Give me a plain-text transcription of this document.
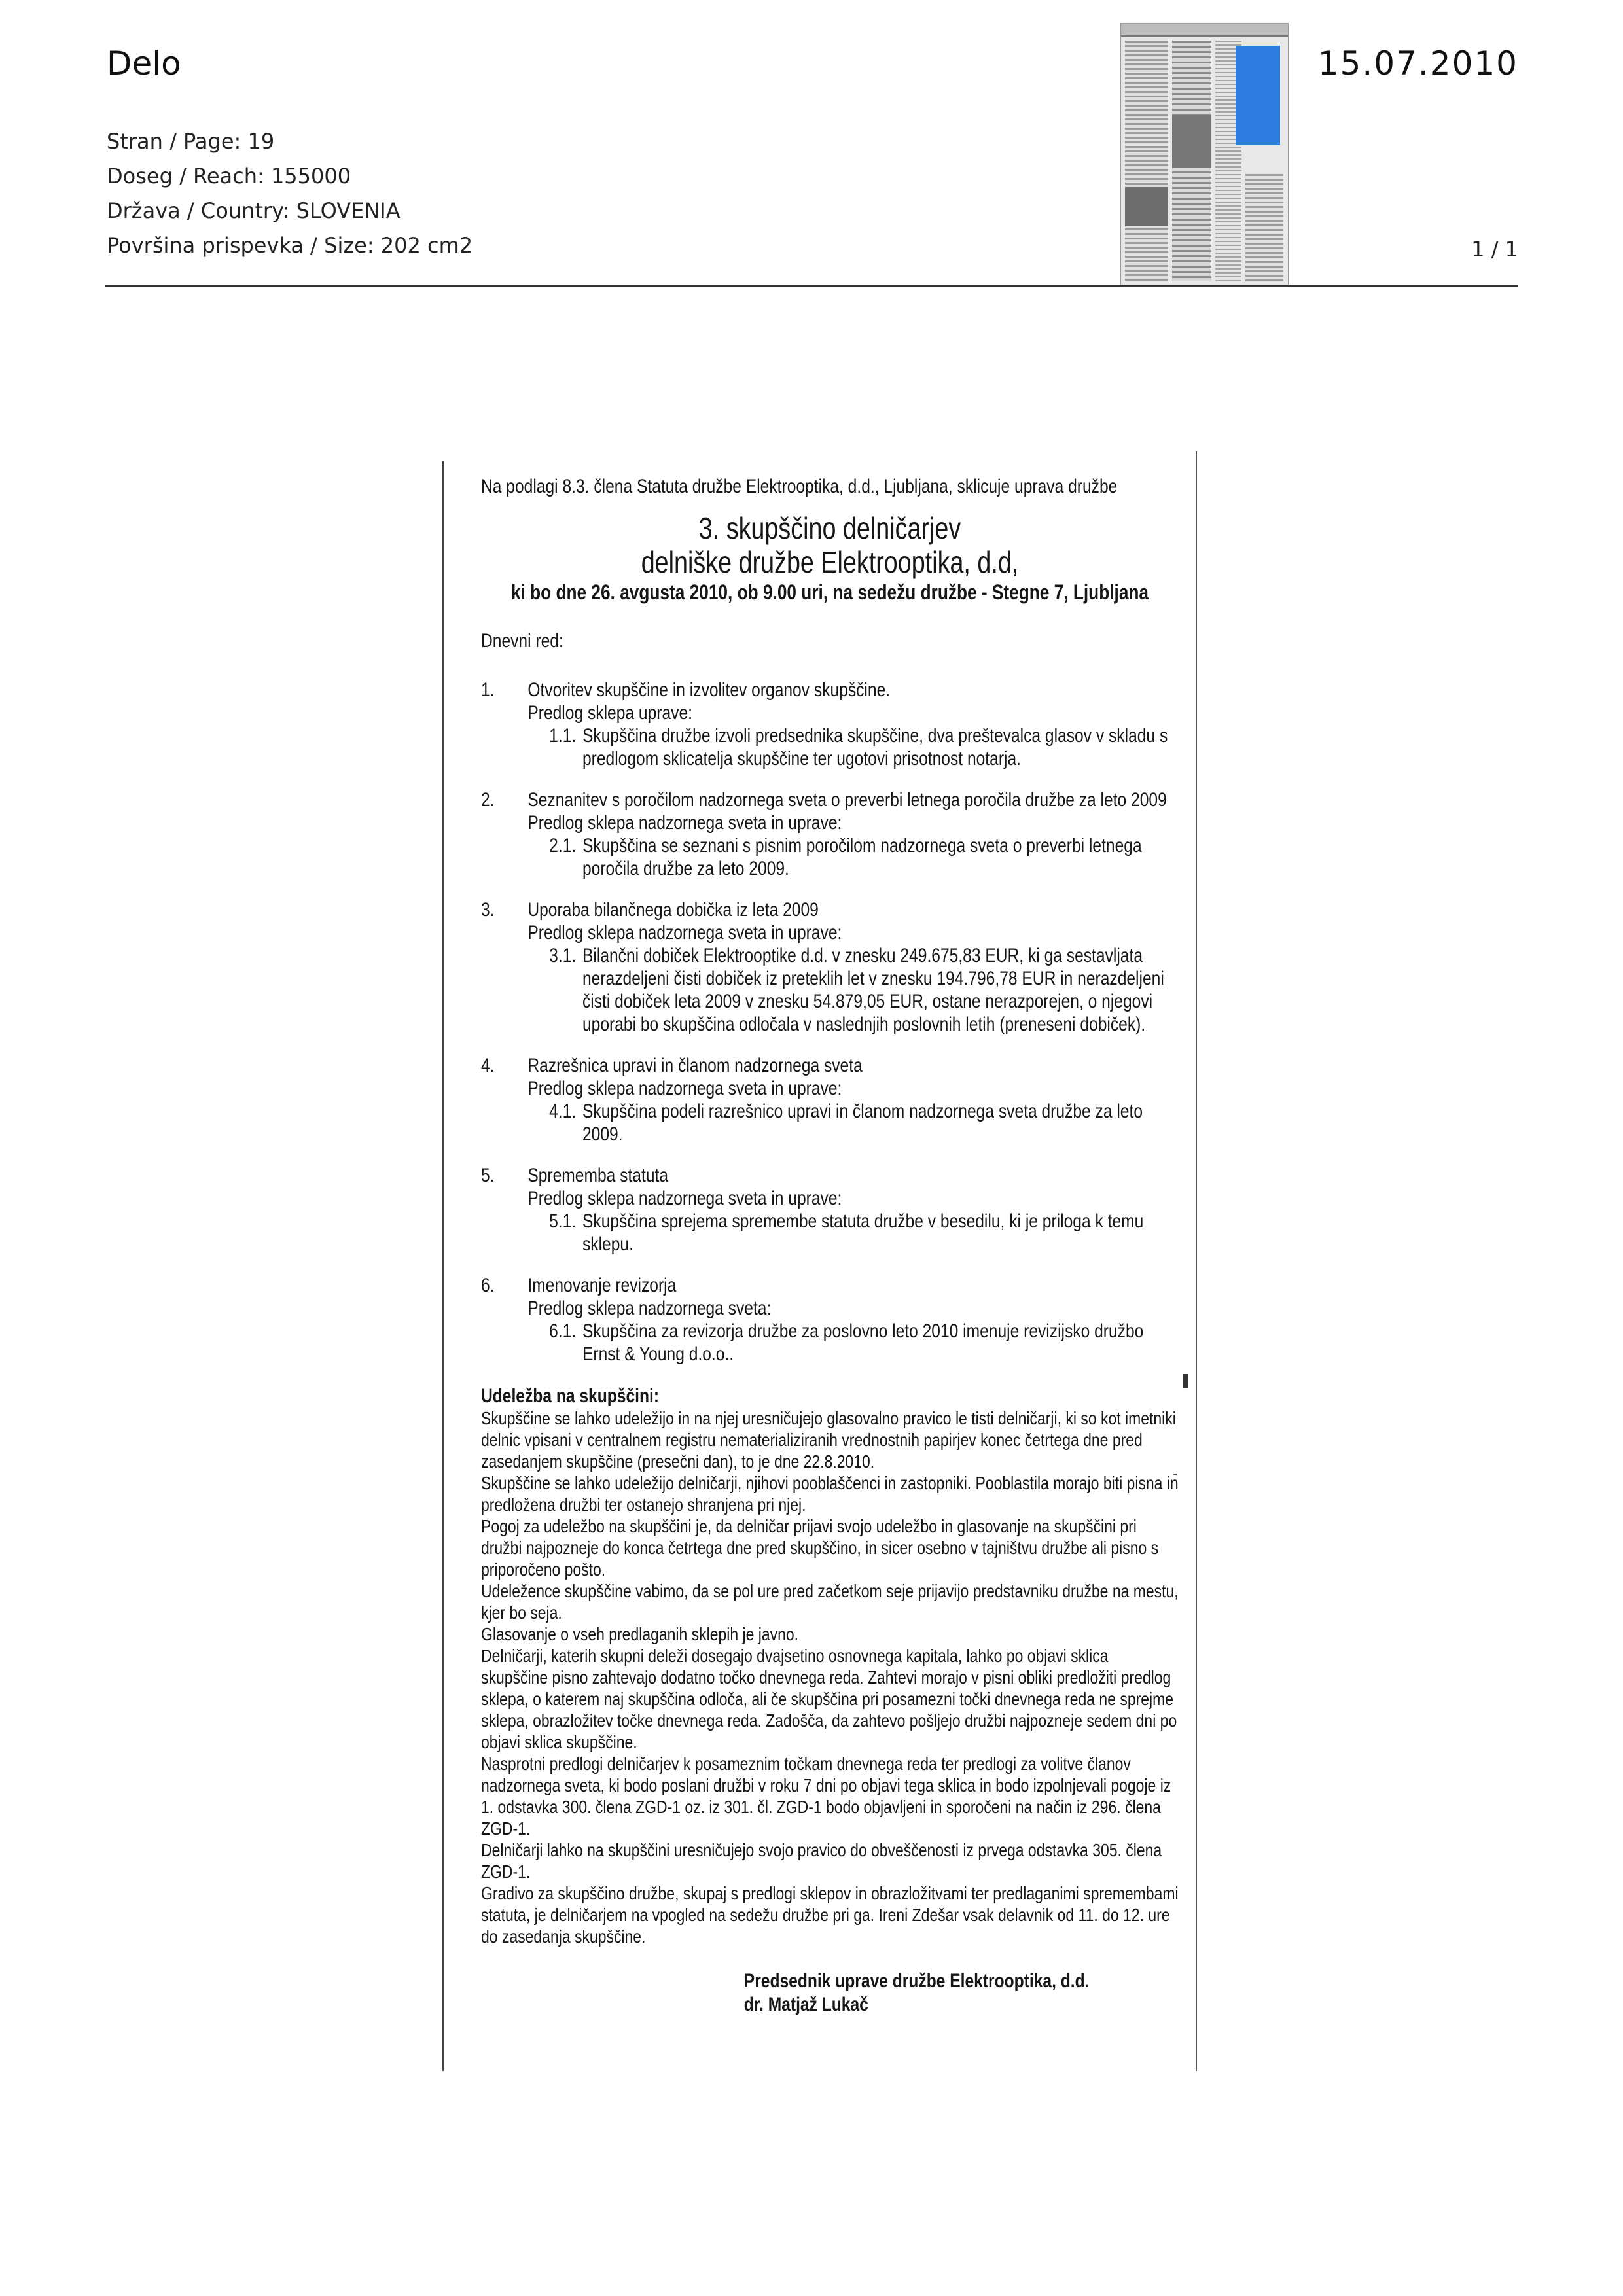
Delo	15.07.2010
Stran / Page: 19
Doseg / Reach: 155000
Država / Country: SLOVENIA
Površina prispevka / Size: 202 cm2	1 / 1
Na podlagi 8.3. člena Statuta družbe Elektrooptika, d.d., Ljubljana, sklicuje uprava družbe
3. skupščino delničarjev
delniške družbe Elektrooptika, d.d,
ki bo dne 26. avgusta 2010, ob 9.00 uri, na sedežu družbe - Stegne 7, Ljubljana
Dnevni red:
1. Otvoritev skupščine in izvolitev organov skupščine.
Predlog sklepa uprave:
1.1. Skupščina družbe izvoli predsednika skupščine, dva preštevalca glasov v skladu s predlogom sklicatelja skupščine ter ugotovi prisotnost notarja.
2. Seznanitev s poročilom nadzornega sveta o preverbi letnega poročila družbe za leto 2009
Predlog sklepa nadzornega sveta in uprave:
2.1. Skupščina se seznani s pisnim poročilom nadzornega sveta o preverbi letnega poročila družbe za leto 2009.
3. Uporaba bilančnega dobička iz leta 2009
Predlog sklepa nadzornega sveta in uprave:
3.1. Bilančni dobiček Elektrooptike d.d. v znesku 249.675,83 EUR, ki ga sestavljata nerazdeljeni čisti dobiček iz preteklih let v znesku 194.796,78 EUR in nerazdeljeni čisti dobiček leta 2009 v znesku 54.879,05 EUR, ostane nerazporejen, o njegovi uporabi bo skupščina odločala v naslednjih poslovnih letih (preneseni dobiček).
4. Razrešnica upravi in članom nadzornega sveta
Predlog sklepa nadzornega sveta in uprave:
4.1. Skupščina podeli razrešnico upravi in članom nadzornega sveta družbe za leto 2009.
5. Sprememba statuta
Predlog sklepa nadzornega sveta in uprave:
5.1. Skupščina sprejema spremembe statuta družbe v besedilu, ki je priloga k temu sklepu.
6. Imenovanje revizorja
Predlog sklepa nadzornega sveta:
6.1. Skupščina za revizorja družbe za poslovno leto 2010 imenuje revizijsko družbo Ernst & Young d.o.o..
Udeležba na skupščini:
Skupščine se lahko udeležijo in na njej uresničujejo glasovalno pravico le tisti delničarji, ki so kot imetniki delnic vpisani v centralnem registru nematerializiranih vrednostnih papirjev konec četrtega dne pred zasedanjem skupščine (presečni dan), to je dne 22.8.2010.
Skupščine se lahko udeležijo delničarji, njihovi pooblaščenci in zastopniki. Pooblastila morajo biti pisna in predložena družbi ter ostanejo shranjena pri njej.
Pogoj za udeležbo na skupščini je, da delničar prijavi svojo udeležbo in glasovanje na skupščini pri družbi najpozneje do konca četrtega dne pred skupščino, in sicer osebno v tajništvu družbe ali pisno s priporočeno pošto.
Udeležence skupščine vabimo, da se pol ure pred začetkom seje prijavijo predstavniku družbe na mestu, kjer bo seja.
Glasovanje o vseh predlaganih sklepih je javno.
Delničarji, katerih skupni deleži dosegajo dvajsetino osnovnega kapitala, lahko po objavi sklica skupščine pisno zahtevajo dodatno točko dnevnega reda. Zahtevi morajo v pisni obliki predložiti predlog sklepa, o katerem naj skupščina odloča, ali če skupščina pri posamezni točki dnevnega reda ne sprejme sklepa, obrazložitev točke dnevnega reda. Zadošča, da zahtevo pošljejo družbi najpozneje sedem dni po objavi sklica skupščine.
Nasprotni predlogi delničarjev k posameznim točkam dnevnega reda ter predlogi za volitve članov nadzornega sveta, ki bodo poslani družbi v roku 7 dni po objavi tega sklica in bodo izpolnjevali pogoje iz 1. odstavka 300. člena ZGD-1 oz. iz 301. čl. ZGD-1 bodo objavljeni in sporočeni na način iz 296. člena ZGD-1.
Delničarji lahko na skupščini uresničujejo svojo pravico do obveščenosti iz prvega odstavka 305. člena ZGD-1.
Gradivo za skupščino družbe, skupaj s predlogi sklepov in obrazložitvami ter predlaganimi spremembami statuta, je delničarjem na vpogled na sedežu družbe pri ga. Ireni Zdešar vsak delavnik od 11. do 12. ure do zasedanja skupščine.
Predsednik uprave družbe Elektrooptika, d.d.
dr. Matjaž Lukač
